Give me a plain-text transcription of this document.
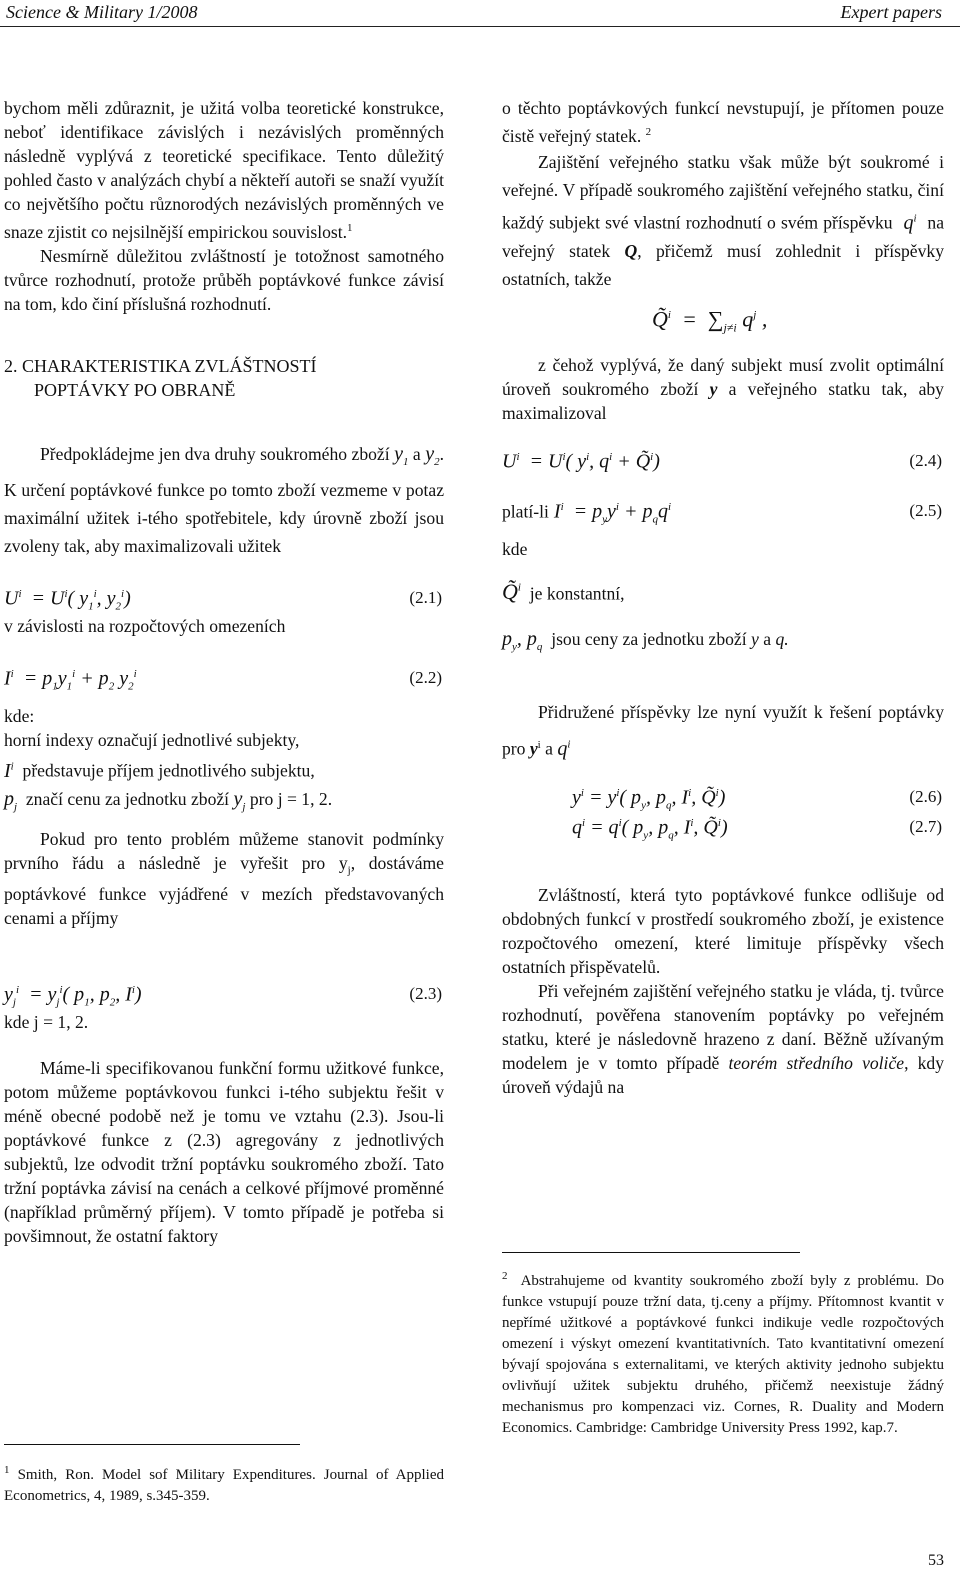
Science & Military 1/2008	Expert papers

bychom měli zdůraznit, je užitá volba teoretické konstrukce, neboť identifikace závislých i nezávislých proměnných následně vyplývá z teoretické specifikace. Tento důležitý pohled často v analýzách chybí a někteří autoři se snaží využít co největšího počtu různorodých nezávislých proměnných ve snaze zjistit co nejsilnější empirickou souvislost.$^1$

Nesmírně důležitou zvláštností je totožnost samotného tvůrce rozhodnutí, protože průběh poptávkové funkce závisí na tom, kdo činí příslušná rozhodnutí.

2. CHARAKTERISTIKA ZVLÁŠTNOSTÍ
POPTÁVKY PO OBRANĚ

Předpokládejme jen dva druhy soukromého zboží $y_1$ a $y_2$. K určení poptávkové funkce po tomto zboží vezmeme v potaz maximální užitek i-tého spotřebitele, kdy úrovně zboží jsou zvoleny tak, aby maximalizovali užitek

$U^i = U^i$( $y_1^i$, $y_2^i$)	(2.1)

v závislosti na rozpočtových omezeních

$I^i = p_1y_1^i + p_2$ $y_2^i$	(2.2)

kde:

horní indexy označují jednotlivé subjekty,

$I^i$ představuje příjem jednotlivého subjektu,

$p_j$ značí cenu za jednotku zboží $y_j$ pro j = 1, 2.

Pokud pro tento problém můžeme stanovit podmínky prvního řádu a následně je vyřešit pro $y_j$, dostáváme poptávkové funkce vyjádřené v mezích představovaných cenami a příjmy

$y_j^i = y_j^i$( $p_1$, $p_2$, $I^i$)	(2.3)

kde j = 1, 2.

Máme-li specifikovanou funkční formu užitkové funkce, potom můžeme poptávkovou funkci i-tého subjektu řešit v méně obecné podobě než je tomu ve vztahu (2.3). Jsou-li poptávkové funkce z (2.3) agregovány z jednotlivých subjektů, lze odvodit tržní poptávku soukromého zboží. Tato tržní poptávka závisí na cenách a celkové příjmové proměnné (například průměrný příjem). V tomto případě je potřeba si povšimnout, že ostatní faktory

$^1$ Smith, Ron. Model sof Military Expenditures. Journal of Applied Econometrics, 4, 1989, s.345-359.

o těchto poptávkových funkcí nevstupují, je přítomen pouze čistě veřejný statek. $^2$

Zajištění veřejného statku však může být soukromé i veřejné. V případě soukromého zajištění veřejného statku, činí každý subjekt své vlastní rozhodnutí o svém příspěvku  $q^i$ na veřejný statek Q, přičemž musí zohlednit i příspěvky ostatních, takže

Q̃$^i$  =  $\sum_{j\ne i}$ $q^j$ ,

z čehož vyplývá, že daný subjekt musí zvolit optimální úroveň soukromého zboží y a veřejného statku tak, aby maximalizoval

$U^i = U^i$( $y^i$, $q^i$ + Q̃$^i$)	(2.4)
platí-li $I^i = p_yy^i + p_qq^i$	(2.5)

kde

Q̃$^i$ je konstantní,

$p_y$, $p_q$ jsou ceny za jednotku zboží y a q.

Přidružené příspěvky lze nyní využít k řešení poptávky pro $y^i$ a $q^i$

$y^i = y^i$( $p_y$, $p_q$, $I^i$, Q̃$^i$)	(2.6)
$q^i = q^i$( $p_y$, $p_q$, $I^i$, Q̃$^i$)	(2.7)

Zvláštností, která tyto poptávkové funkce odlišuje od obdobných funkcí v prostředí soukromého zboží, je existence rozpočtového omezení, které limituje příspěvky všech ostatních přispěvatelů.

Při veřejném zajištění veřejného statku je vláda, tj. tvůrce rozhodnutí, pověřena stanovením poptávky po veřejném statku, které je následovně hrazeno z daní. Běžně užívaným modelem je v tomto případě teorém středního voliče, kdy úroveň výdajů na

$^2$ Abstrahujeme od kvantity soukromého zboží byly z problému. Do funkce vstupují pouze tržní data, tj.ceny a příjmy. Přítomnost kvantit v nepřímé užitkové a poptávkové funkci indikuje vedle rozpočtových omezení i výskyt omezení kvantitativních. Tato kvantitativní omezení bývají spojována s externalitami, ve kterých aktivity jednoho subjektu ovlivňují užitek subjektu druhého, přičemž neexistuje žádný mechanismus pro kompenzaci viz. Cornes, R. Duality and Modern Economics. Cambridge: Cambridge University Press 1992, kap.7.
53
